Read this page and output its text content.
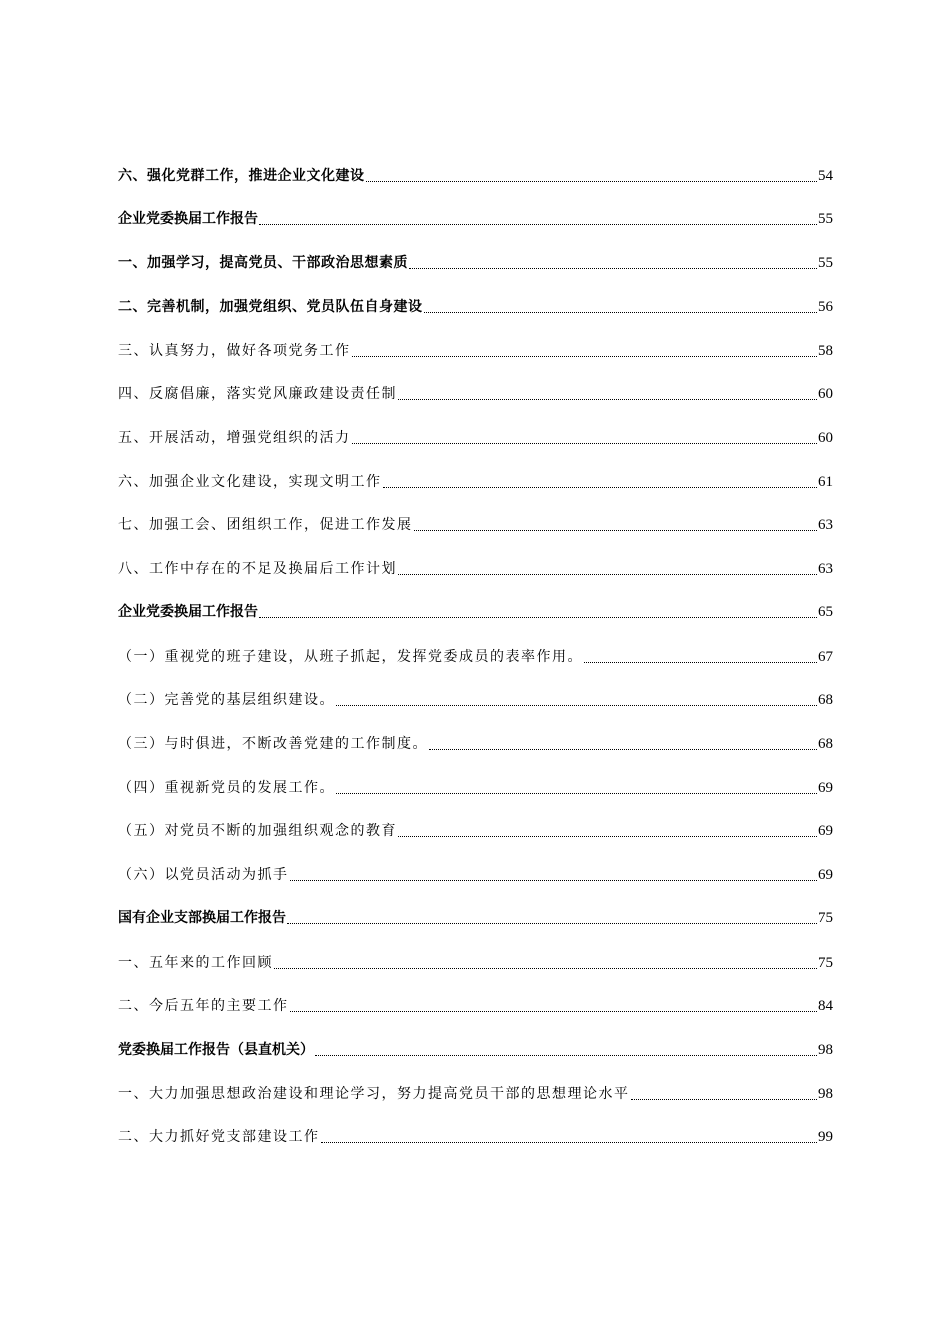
六、强化党群工作，推进企业文化建设	54
企业党委换届工作报告	55
一、加强学习，提高党员、干部政治思想素质	55
二、完善机制，加强党组织、党员队伍自身建设	56
三、认真努力，做好各项党务工作	58
四、反腐倡廉，落实党风廉政建设责任制	60
五、开展活动，增强党组织的活力	60
六、加强企业文化建设，实现文明工作	61
七、加强工会、团组织工作，促进工作发展	63
八、工作中存在的不足及换届后工作计划	63
企业党委换届工作报告	65
（一）重视党的班子建设，从班子抓起，发挥党委成员的表率作用。	67
（二）完善党的基层组织建设。	68
（三）与时俱进，不断改善党建的工作制度。	68
（四）重视新党员的发展工作。	69
（五）对党员不断的加强组织观念的教育	69
（六）以党员活动为抓手	69
国有企业支部换届工作报告	75
一、五年来的工作回顾	75
二、今后五年的主要工作	84
党委换届工作报告（县直机关）	98
一、大力加强思想政治建设和理论学习，努力提高党员干部的思想理论水平	98
二、大力抓好党支部建设工作	99
